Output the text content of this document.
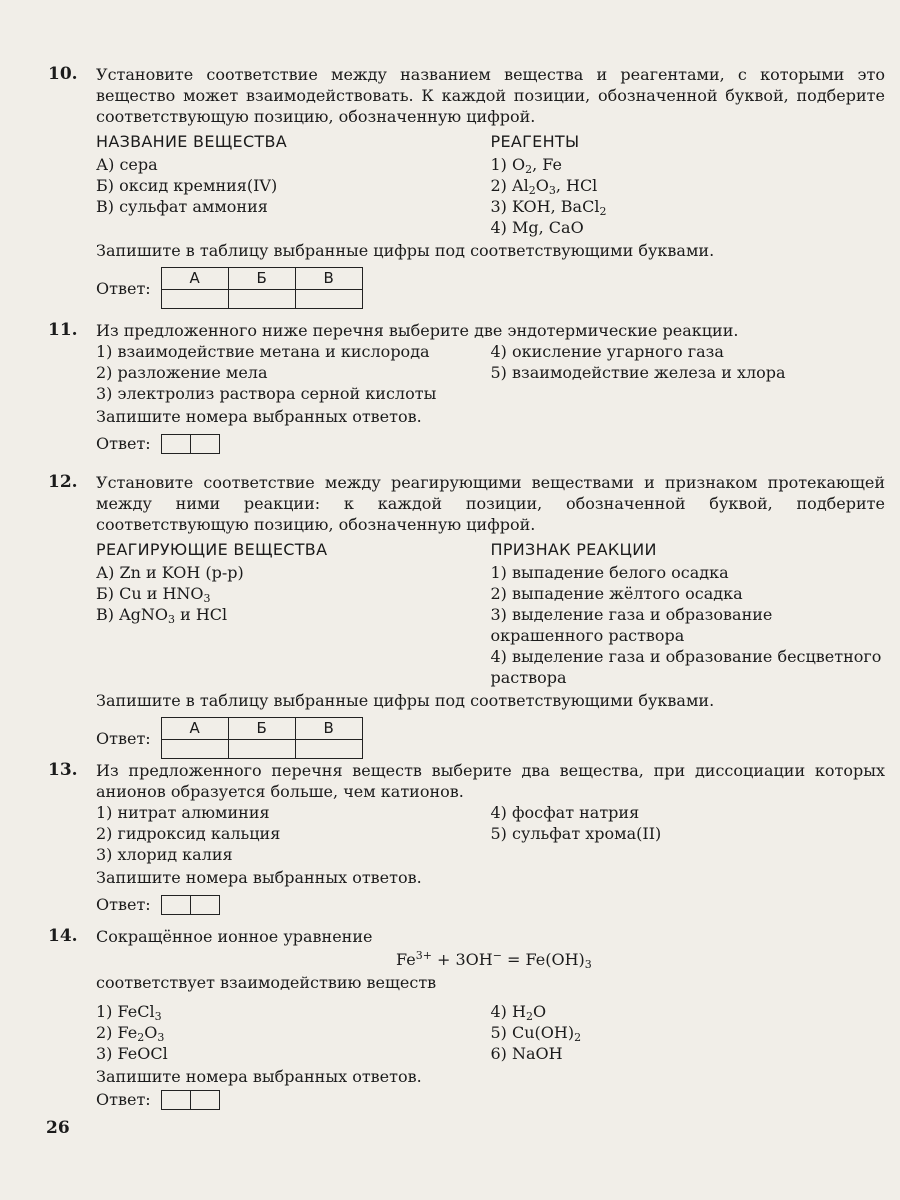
10. Установите соответствие между названием вещества и реагентами, с которыми это вещество может взаимодействовать. К каждой позиции, обозначенной буквой, подберите соответствующую позицию, обозначенную цифрой.
НАЗВАНИЕ ВЕЩЕСТВА
А) сера
Б) оксид кремния(IV)
В) сульфат аммония
РЕАГЕНТЫ
1) $O_2$, Fe
2) $Al_2O_3$, HCl
3) KOH, BaCl$_2$
4) Mg, CaO
Запишите в таблицу выбранные цифры под соответствующими буквами.
Ответ:
А	Б	В

11. Из предложенного ниже перечня выберите две эндотермические реакции.
1) взаимодействие метана и кислорода
2) разложение мела
3) электролиз раствора серной кислоты
4) окисление угарного газа
5) взаимодействие железа и хлора
Запишите номера выбранных ответов.
Ответ:

12. Установите соответствие между реагирующими веществами и признаком протекающей между ними реакции: к каждой позиции, обозначенной буквой, подберите соответствующую позицию, обозначенную цифрой.
РЕАГИРУЮЩИЕ ВЕЩЕСТВА
А) Zn и KOH (р-р)
Б) Cu и $HNO_3$
В) AgNO$_3$ и HCl
ПРИЗНАК РЕАКЦИИ
1) выпадение белого осадка
2) выпадение жёлтого осадка
3) выделение газа и образование окрашенного раствора
4) выделение газа и образование бесцветного раствора
Запишите в таблицу выбранные цифры под соответствующими буквами.
Ответ:
А	Б	В

13. Из предложенного перечня веществ выберите два вещества, при диссоциации которых анионов образуется больше, чем катионов.
1) нитрат алюминия
2) гидроксид кальция
3) хлорид калия
4) фосфат натрия
5) сульфат хрома(II)
Запишите номера выбранных ответов.
Ответ:

14. Сокращённое ионное уравнение
$Fe^{3+} + 3OH^- = Fe(OH)_3$
соответствует взаимодействию веществ
1) FeCl$_3$
2) $Fe_2O_3$
3) FeOCl
4) $H_2O$
5) $Cu(OH)_2$
6) NaOH
Запишите номера выбранных ответов.
Ответ:

26
